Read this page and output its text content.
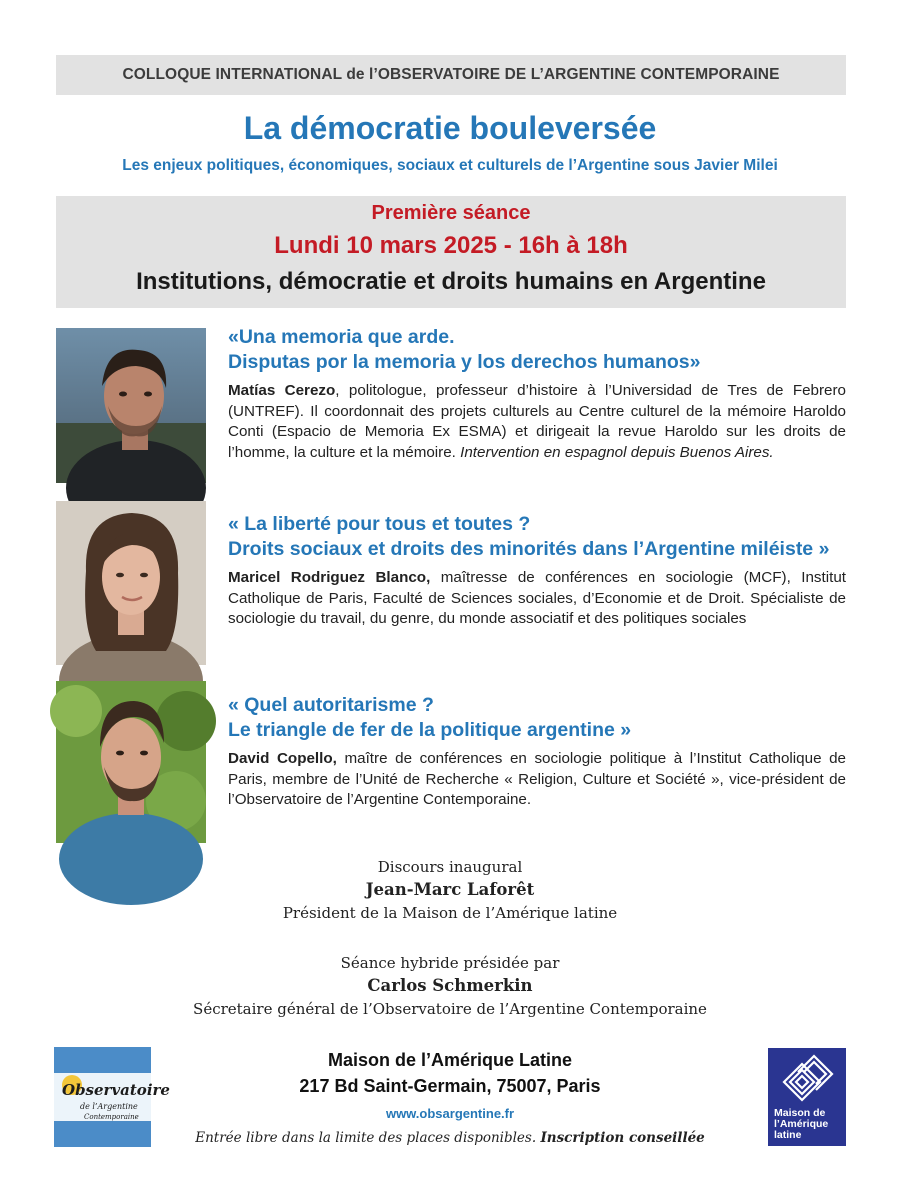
COLLOQUE INTERNATIONAL de l’OBSERVATOIRE DE L’ARGENTINE CONTEMPORAINE
La démocratie bouleversée
Les enjeux politiques, économiques, sociaux et culturels de l’Argentine sous Javier Milei
Première séance
Lundi 10 mars 2025 - 16h à 18h
Institutions, démocratie et droits humains en Argentine

«Una memoria que arde.
Disputas por la memoria y los derechos humanos»

Matías Cerezo, politologue, professeur d’histoire à l’Universidad de Tres de Febrero (UNTREF). Il coordonnait des projets culturels au Centre culturel de la mémoire Haroldo Conti (Espacio de Memoria Ex ESMA) et dirigeait la revue Haroldo sur les droits de l’homme, la culture et la mémoire. Intervention en espagnol depuis Buenos Aires.

« La liberté pour tous et toutes ?
Droits sociaux et droits des minorités dans l’Argentine miléiste »

Maricel Rodriguez Blanco, maîtresse de conférences en sociologie (MCF), Institut Catholique de Paris, Faculté de Sciences sociales, d’Economie et de Droit. Spécialiste de sociologie du travail, du genre, du monde associatif et des politiques sociales

« Quel autoritarisme ?
Le triangle de fer de la politique argentine »

David Copello, maître de conférences en sociologie politique à l’Institut Catholique de Paris, membre de l’Unité de Recherche « Religion, Culture et Société », vice-président de l’Observatoire de l’Argentine Contemporaine.

Discours inaugural
Jean-Marc Laforêt
Président de la Maison de l’Amérique latine
Séance hybride présidée par
Carlos Schmerkin
Sécretaire général de l’Observatoire de l’Argentine Contemporaine
Observatoire
de l’Argentine
Contemporaine
Maison de l’Amérique Latine
217 Bd Saint-Germain, 75007, Paris
www.obsargentine.fr
Entrée libre dans la limite des places disponibles. Inscription conseillée
Maison de
l’Amérique
latine
